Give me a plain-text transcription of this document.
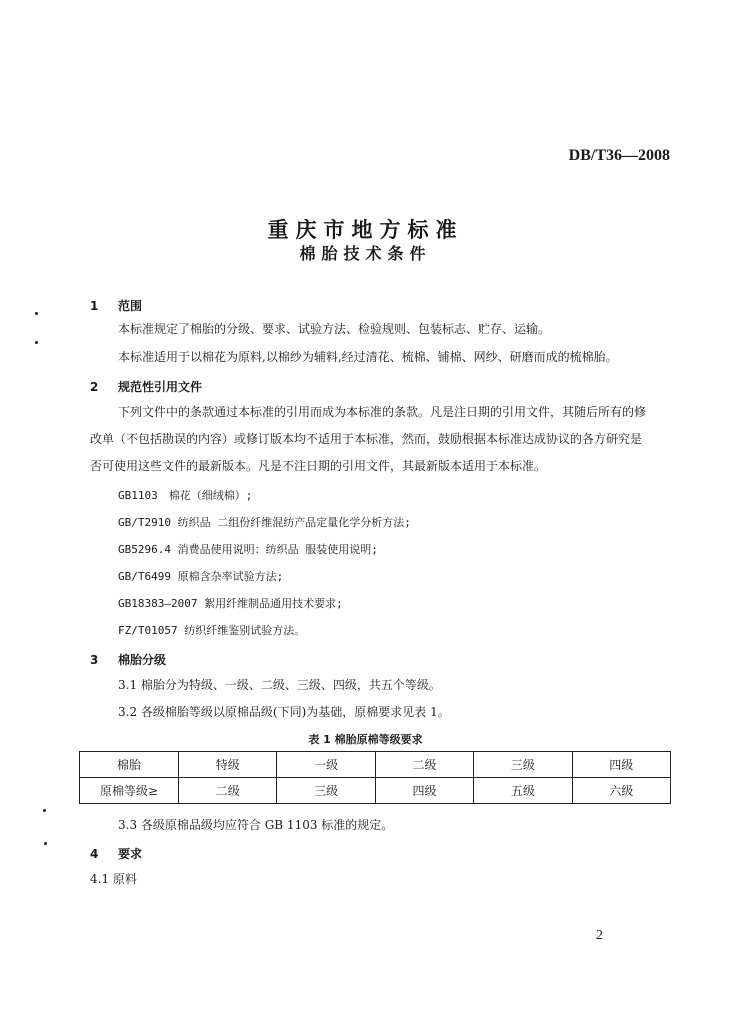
DB/T36—2008
重庆市地方标准
棉胎技术条件
1 范围
本标准规定了棉胎的分级、要求、试验方法、检验规则、包装标志、贮存、运输。
本标准适用于以棉花为原料,以棉纱为辅料,经过清花、梳棉、铺棉、网纱、研磨而成的梳棉胎。
2 规范性引用文件
下列文件中的条款通过本标准的引用而成为本标准的条款。凡是注日期的引用文件，其随后所有的修
改单（不包括勘误的内容）或修订版本均不适用于本标准，然而，鼓励根据本标准达成协议的各方研究是
否可使用这些文件的最新版本。凡是不注日期的引用文件，其最新版本适用于本标准。
GB1103　棉花（细绒棉）;
GB/T2910 纺织品 二组份纤维混纺产品定量化学分析方法;
GB5296.4 消费品使用说明：纺织品 服装使用说明;
GB/T6499 原棉含杂率试验方法;
GB18383—2007 絮用纤维制品通用技术要求;
FZ/T01057 纺织纤维鉴别试验方法。
3 棉胎分级
3.1 棉胎分为特级、一级、二级、三级、四级，共五个等级。
3.2 各级棉胎等级以原棉品级(下同)为基础，原棉要求见表 1。
表 1 棉胎原棉等级要求
棉胎	特级	一级	二级	三级	四级
原棉等级≥	二级	三级	四级	五级	六级
3.3 各级原棉品级均应符合 GB 1103 标准的规定。
4 要求
4.1 原料
2
